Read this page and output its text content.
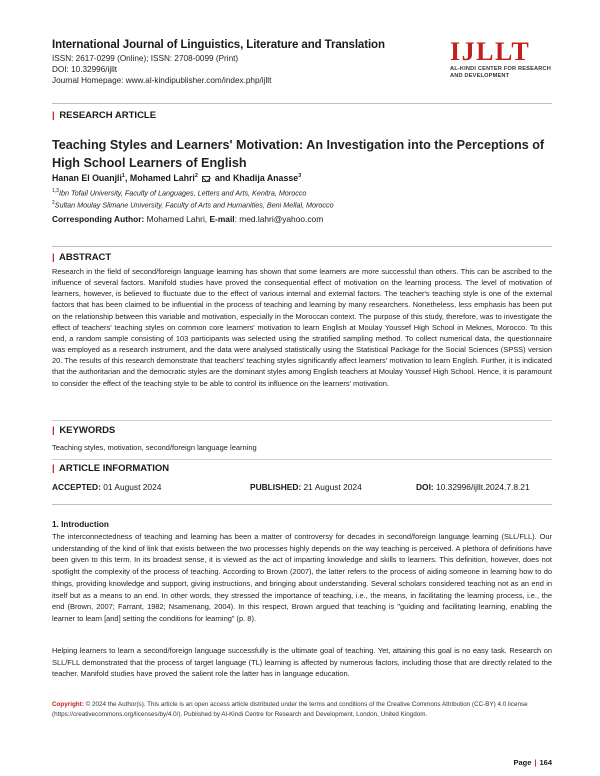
International Journal of Linguistics, Literature and Translation
ISSN: 2617-0299 (Online); ISSN: 2708-0099 (Print)
DOI: 10.32996/ijllt
Journal Homepage: www.al-kindipublisher.com/index.php/ijllt
IJLLT
AL-KINDI CENTER FOR RESEARCH
AND DEVELOPMENT
| RESEARCH ARTICLE
Teaching Styles and Learners' Motivation: An Investigation into the Perceptions of High School Learners of English
Hanan El Ouanjli$^1$, Mohamed Lahri$^2$ and Khadija Anasse$^3$
$^{1,3}$Ibn Tofail University, Faculty of Languages, Letters and Arts, Kenitra, Morocco
$^2$Sultan Moulay Slimane University, Faculty of Arts and Humanities, Beni Mellal, Morocco
Corresponding Author: Mohamed Lahri, E-mail: med.lahri@yahoo.com
| ABSTRACT
Research in the field of second/foreign language learning has shown that some learners are more successful than others. This can be ascribed to the influence of several factors. Manifold studies have proved the consequential effect of motivation on the learning process. The level of motivation of learners, however, is believed to fluctuate due to the effect of various internal and external factors. The teacher's teaching style is one of the external factors that has been claimed to be influential in the process of teaching and learning by many researchers. Nonetheless, less emphasis has been put on the relationship between this variable and motivation, especially in the Moroccan context. The purpose of this study, therefore, was to investigate the effect of teachers' teaching styles on common core learners' motivation to learn English at Moulay Youssef High School in Meknes, Morocco. To this end, a random sample consisting of 103 participants was selected using the stratified sampling method. To collect numerical data, the questionnaire was employed as a research instrument, and the data were analysed statistically using the Statistical Package for the Social Sciences (SPSS) version 20. The results of this research demonstrate that teachers' teaching styles significantly affect learners' motivation to learn English. Further, it is indicated that the authoritarian and the democratic styles are the dominant styles among English teachers at Moulay Youssef High School. Hence, it is paramount to consider the effect of the teaching style to be able to control its influence on the learners' motivation.
| KEYWORDS
Teaching styles, motivation, second/foreign language learning
| ARTICLE INFORMATION
ACCEPTED: 01 August 2024	PUBLISHED: 21 August 2024	DOI: 10.32996/ijllt.2024.7.8.21
1. Introduction

The interconnectedness of teaching and learning has been a matter of controversy for decades in second/foreign language learning (SLL/FLL). Our understanding of the kind of link that exists between the two processes highly depends on the way teaching is perceived. A plethora of definitions have been given to this term. In its broadest sense, it is viewed as the act of imparting knowledge and skills to learners. This definition, however, does not spotlight the complexity of the process of teaching. According to Brown (2007), the latter refers to the process of aiding someone in learning how to do things, providing knowledge and support, giving instructions, and bringing about understanding. Several scholars considered teaching not as an end in itself but as a means to an end. In other words, they stressed the importance of teaching, i.e., the means, in facilitating the learning process, i.e., the end (Brown, 2007; Farrant, 1982; Nsamenang, 2004). In this respect, Brown argued that teaching is "guiding and facilitating learning, enabling the learner to learn [and] setting the conditions for learning" (p. 8).

Helping learners to learn a second/foreign language successfully is the ultimate goal of teaching. Yet, attaining this goal is no easy task. Research on SLL/FLL demonstrated that the process of target language (TL) learning is affected by numerous factors, including those that are directly related to the teacher. Manifold studies have proved the salient role the latter has in language education.

Copyright: © 2024 the Author(s). This article is an open access article distributed under the terms and conditions of the Creative Commons Attribution (CC-BY) 4.0 license (https://creativecommons.org/licenses/by/4.0/). Published by Al-Kindi Centre for Research and Development, London, United Kingdom.
Page | 164
